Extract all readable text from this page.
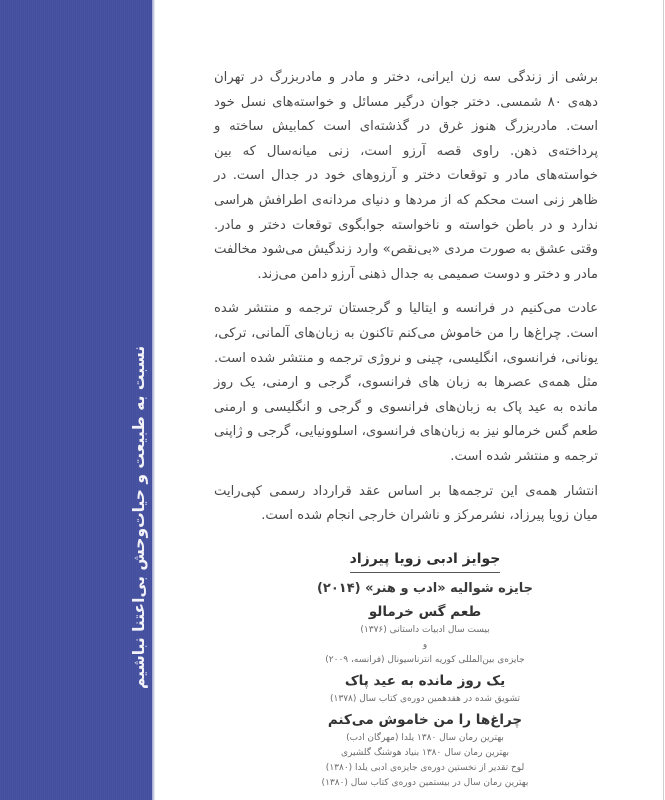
نسبت به طبیعت و حیات‌وحش بی‌اعتنا نباشیم

برشی از زندگی سه زن ایرانی، دختر و مادر و مادربزرگ در تهران دهه‌ی ۸۰ شمسی. دختر جوان درگیر مسائل و خواسته‌های نسل خود است. مادربزرگ هنوز غرق در گذشته‌ای است کمابیش ساخته و پرداخته‌ی ذهن. راوی قصه آرزو است، زنی میانه‌سال که بین خواسته‌های مادر و توقعات دختر و آرزوهای خود در جدال است. در ظاهر زنی است محکم که از مردها و دنیای مردانه‌ی اطرافش هراسی ندارد و در باطن خواسته و ناخواسته جوابگوی توقعات دختر و مادر. وقتی عشق به صورت مردی «بی‌نقص» وارد زندگیش می‌شود مخالفت مادر و دختر و دوست صمیمی به جدال ذهنی آرزو دامن می‌زند.

عادت می‌کنیم در فرانسه و ایتالیا و گرجستان ترجمه و منتشر شده است. چراغ‌ها را من خاموش می‌کنم تاکنون به زبان‌های آلمانی، ترکی، یونانی، فرانسوی، انگلیسی، چینی و نروژی ترجمه و منتشر شده است. مثل همه‌ی عصرها به زبان های فرانسوی، گرجی و ارمنی، یک روز مانده به عید پاک به زبان‌های فرانسوی و گرجی و انگلیسی و ارمنی طعم گس خرمالو نیز به زبان‌های فرانسوی، اسلوونیایی، گرجی و ژاپنی ترجمه و منتشر شده است.

انتشار همه‌ی این ترجمه‌ها بر اساس عقد قرارداد رسمی کپی‌رایت میان زویا پیرزاد، نشرمرکز و ناشران خارجی انجام شده است.

جوایز ادبی زویا پیرزاد
جایزه شوالیه «ادب و هنر» (۲۰۱۴)
طعم گس خرمالو
بیست سال ادبیات داستانی (۱۳۷۶)
و
جایزه‌ی بین‌المللی کوریه انترناسیونال (فرانسه، ۲۰۰۹)
یک روز مانده به عید پاک
تشویق شده در هفدهمین دوره‌ی کتاب سال (۱۳۷۸)
چراغ‌ها را من خاموش می‌کنم
بهترین رمان سال ۱۳۸۰ یلدا (مهرگان ادب)
بهترین رمان سال ۱۳۸۰ بنیاد هوشنگ گلشیری
لوح تقدیر از نخستین دوره‌ی جایزه‌ی ادبی یلدا (۱۳۸۰)
بهترین رمان سال در بیستمین دوره‌ی کتاب سال (۱۳۸۰)
